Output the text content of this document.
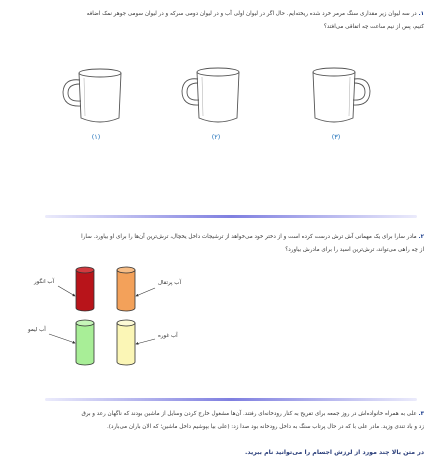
۱. در سه لیوان زیر مقداری سنگ مرمر خرد شده ریخته‌ایم. حال اگر در لیوان اولی آب و در لیوان دومی سرکه و در لیوان سومی جوهر نمک اضافه
کنیم، پس از نیم ساعت چه اتفاقی می‌افتد؟
(۱)	(۲)	(۳)
۲. مادر سارا برای یک مهمانی آش ترش درست کرده است و از دختر خود می‌خواهد از ترشیجات داخل یخچال، ترش‌ترین آن‌ها را برای او بیاورد. سارا
از چه راهی می‌تواند، ترش‌ترین اسید را برای مادرش بیاورد؟
آب انگور	آب پرتقال
آب لیمو
آب غوره
۳. علی به همراه خانواده‌اش در روز جمعه برای تفریح به کنار رودخانه‌ای رفتند. آن‌ها مشغول خارج کردن وسایل از ماشین بودند که ناگهان رعد و برق
زد و باد تندی وزید. مادر علی با که در حال پرتاب سنگ به داخل رودخانه بود صدا زد: (علی بیا بپوشیم داخل ماشین؛ که الان باران می‌بارد).
در متن بالا چند مورد از لرزش اجسام را می‌توانید نام ببرید.
